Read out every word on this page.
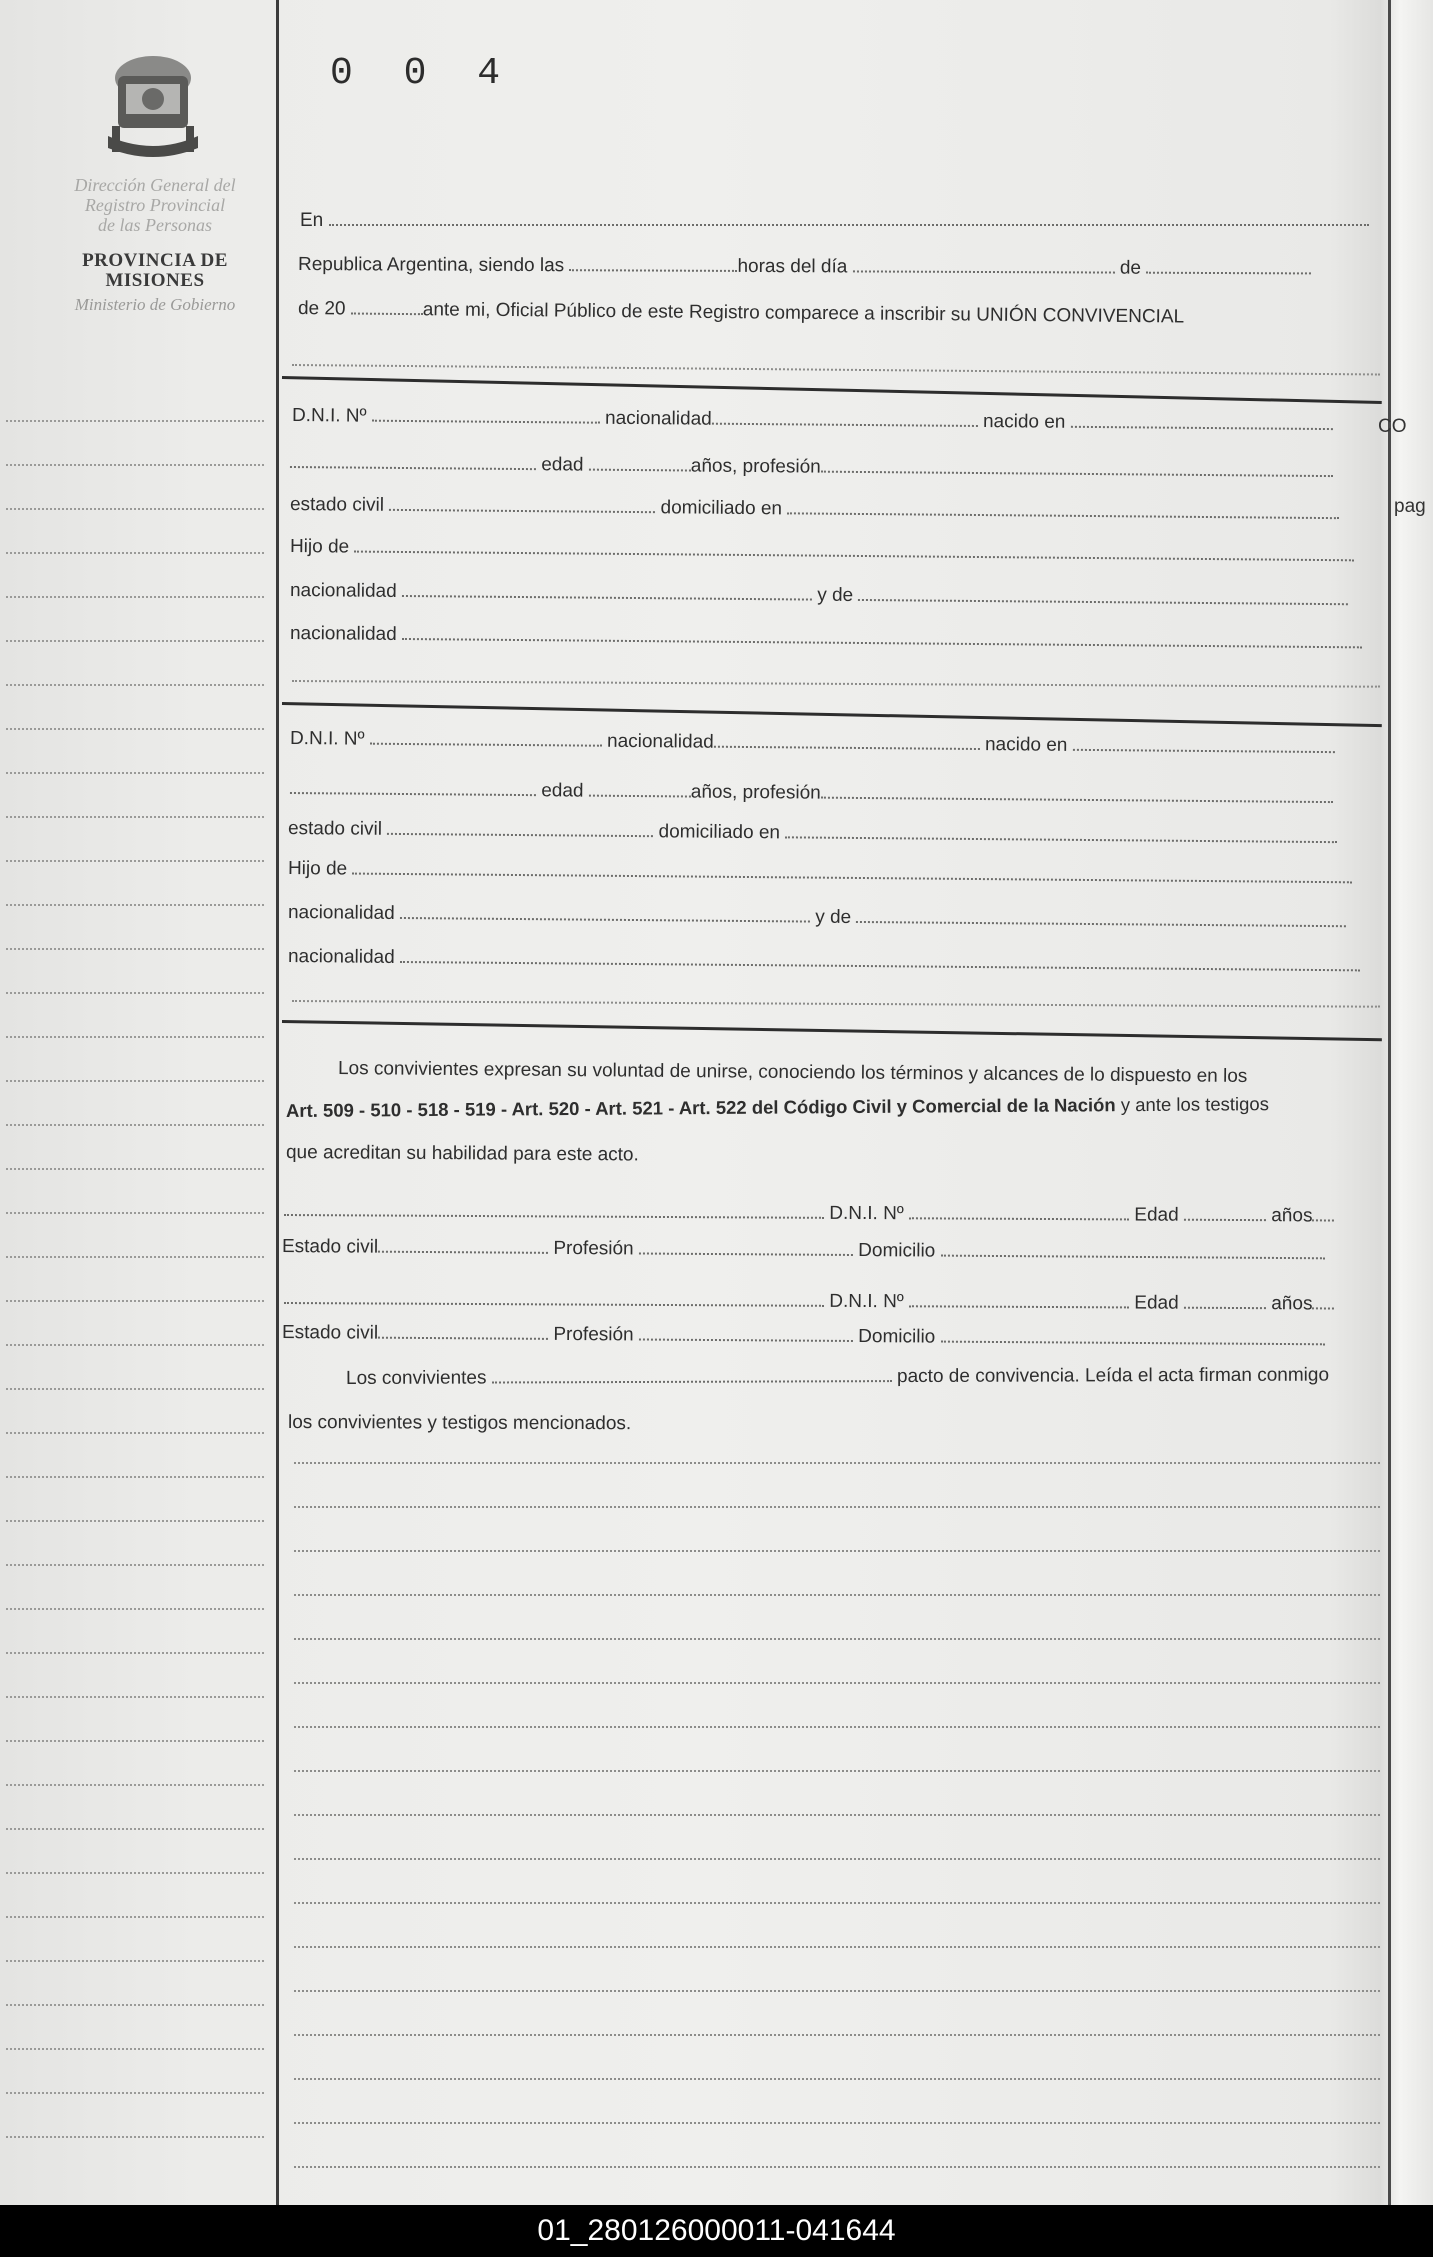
Dirección General del
Registro Provincial
de las Personas
PROVINCIA DE
MISIONES
Ministerio de Gobierno
0 0 4
En
Republica Argentina, siendo las	horas del día	de
de 20	ante mi, Oficial Público de este Registro comparece a inscribir su UNIÓN CONVIVENCIAL
D.N.I. Nº	nacionalidad	nacido en
edad	años, profesión
estado civil	domiciliado en
Hijo de
nacionalidad	y de
nacionalidad
D.N.I. Nº	nacionalidad	nacido en
edad	años, profesión
estado civil	domiciliado en
Hijo de
nacionalidad	y de
nacionalidad
Los convivientes expresan su voluntad de unirse, conociendo los términos y alcances de lo dispuesto en los
Art. 509 - 510 - 518 - 519 - Art. 520 - Art. 521 - Art. 522 del Código Civil y Comercial de la Nación y ante los testigos
que acreditan su habilidad para este acto.
D.N.I. Nº	Edad	años
Estado civil	Profesión	Domicilio
D.N.I. Nº	Edad	años
Estado civil	Profesión	Domicilio
Los convivientes	pacto de convivencia. Leída el acta firman conmigo
los convivientes y testigos mencionados.
CO
pag
01_280126000011-041644
